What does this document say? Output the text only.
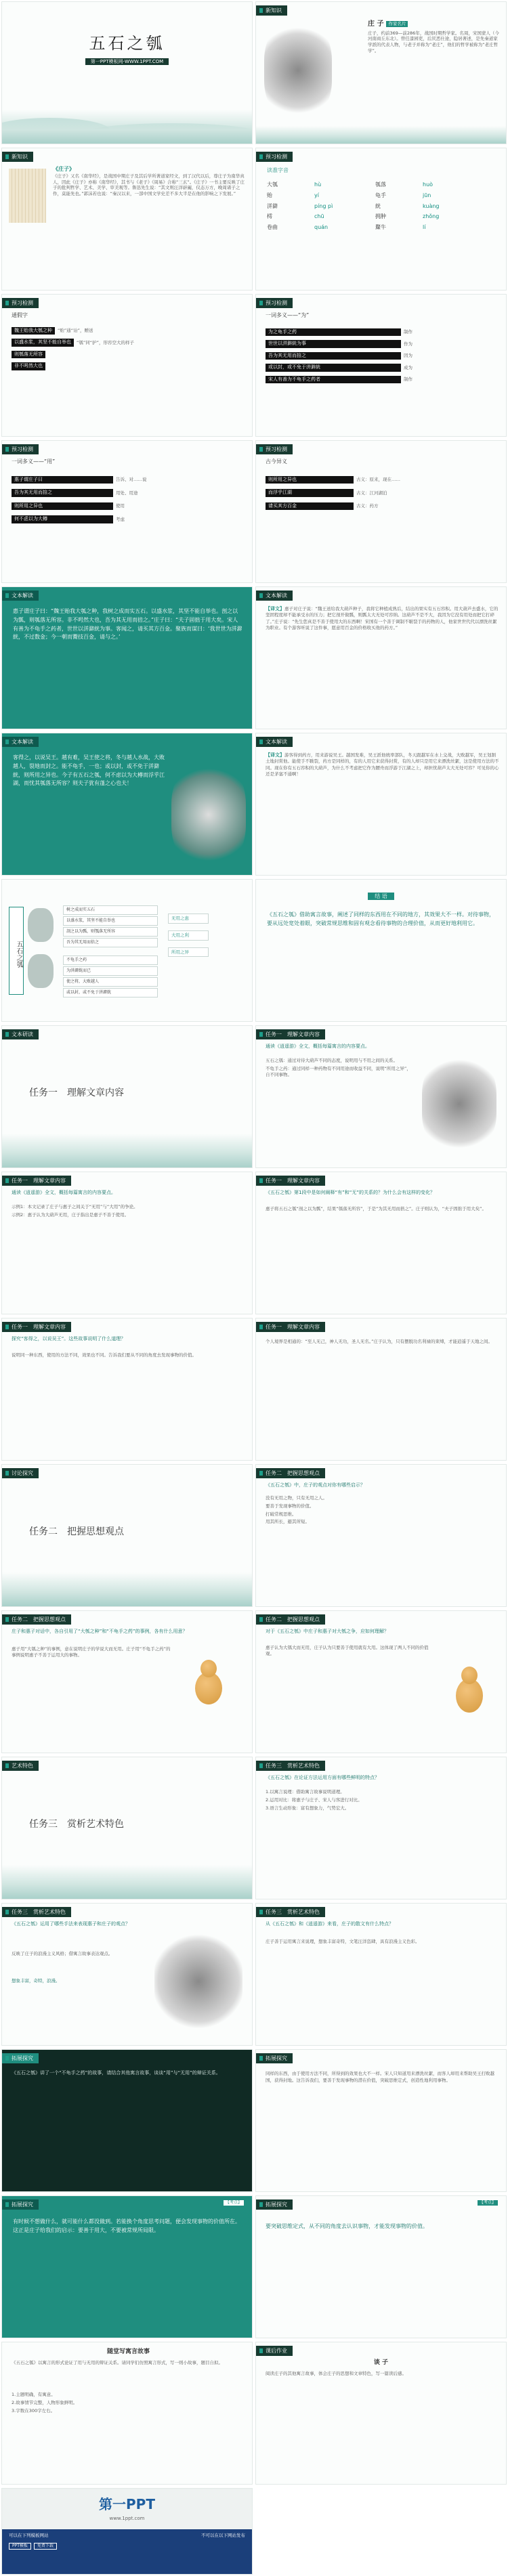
五石之瓠
第一PPT模板网-WWW.1PPT.COM
新知识
庄 子	作家名片
庄子，约前369—前286年，战国时期哲学家。名周，宋国蒙人（今河南商丘东北）。曾任漆园吏，后厌恶仕途，隐居著述，是先秦道家学派的代表人物，与老子并称为“老庄”，他们的哲学被称为“老庄哲学”。
新知识
《庄子》
《庄子》又名《南华经》，是战国中期庄子及其后学所著道家经文，到了汉代以后，尊庄子为南华真人，因此《庄子》亦称《南华经》，其书与《老子》《周易》合称“三玄”。《庄子》一书主要反映了庄子的批判哲学、艺术、美学、审美观等。鲁迅先生说：“其文则汪洋辟阖，仪态万方，晚周诸子之作，莫能先也。”郭沫若也说：“秦汉以来，一部中国文学史差不多大半是在他的影响之下发展。”
预习检测
读准字音
大瓠	hù	瓠落	huò
贻	yí	龟手	jūn
洴澼	píng pì	絖	kuàng
樗	chū	拥肿	zhǒng
卷曲	quán	斄牛	lí
预习检测
通假字
魏王贻我大瓠之种	“贻”通“诒”，赠送
以盛水浆，其坚不能自举也	“瓠”同“护”，形容空大的样子
则瓠落无所容
非不呺然大也
预习检测
一词多义——“为”
为之龟手之药	制作
世世以洴澼絖为事	作为
吾为其无用而掊之	因为
或以封，或不免于洴澼絖	成为
宋人有善为不龟手之药者	制作
预习检测
一词多义——“用”
惠子谓庄子曰	告诉、对……说
吾为其无用而掊之	用处、用途
则所用之异也	使用
何不虑以为大樽	考虑
预习检测
古今异义
则所用之异也	古义：原来，现在……
而浮乎江湖	古义：江河湖泊
请买其方百金	古义：药方
文本解读
惠子谓庄子曰：“魏王贻我大瓠之种，我树之成而实五石。以盛水浆，其坚不能自举也。剖之以为瓢，则瓠落无所容。非不呺然大也，吾为其无用而掊之。”庄子曰：“夫子固拙于用大矣。宋人有善为不龟手之药者，世世以洴澼絖为事。客闻之，请买其方百金。聚族而谋曰：‘我世世为洴澼絖，不过数金；今一朝而鬻技百金，请与之。’
文本解读
【译文】惠子对庄子说：“魏王送给我大葫芦种子，我将它种植成熟后，结出的果实有五石容积。用大葫芦去盛水，它的坚固程度却不能承受水的压力；把它剖开做瓢，则瓢太大无处可容纳。这葫芦不是不大，我因为它没有用处而把它打碎了。”庄子说：“先生您真是不善于使用大的东西啊！宋国有一个善于调制不皲裂手的药物的人，他家世世代代以漂洗丝絮为职业。有个游客听说了这件事，愿意用百金的价格收买他的药方。”
文本解读
客得之，以说吴王。越有难，吴王使之将，冬与越人水战，大败越人，裂地而封之。能不龟手，一也；或以封，或不免于洴澼絖，则所用之异也。今子有五石之瓠，何不虑以为大樽而浮乎江湖，而忧其瓠落无所容？则夫子犹有蓬之心也夫！
文本解读
【译文】游客得到药方，用来游说吴王。越国发难，吴王派他统率部队，冬天跟越军在水上交战，大败越军，吴王划割土地封赏他。能使手不皲裂，药方是同样的，有的人用它来获得封赏，有的人却只是用它来漂洗丝絮，这是使用方法的不同。现在你有五石容积的大葫芦，为什么不考虑把它作为腰舟而浮游于江湖之上，却担忧葫芦太大无处可容？可见你的心还是茅塞不通啊！
五石之瓠
树之成而实五石
以盛水浆，其坚不能自举也
剖之以为瓢，则瓠落无所容
吾为其无用而掊之
不龟手之药
为洴澼絖而已
使之将，大败越人
或以封，或不免于洴澼絖
无用之患
大用之利
所用之异
结 语
《五石之瓠》借助寓言故事，阐述了同样的东西用在不同的地方，其效果大不一样。对待事物，要从远处宽处着眼，突破常规思维和固有观念看待事物的合理价值，从而更好地利用它。
文本研读
任务一　理解文章内容
任务一　理解文章内容
通读《逍遥游》全文，概括每篇寓言的内容要点。
五石之瓠：通过对待大葫芦不同的态度，说明用与不用之间的关系。
不龟手之药：通过同样一种药物有不同用途而收益不同，说明“所用之异”，自不同事物。
任务一　理解文章内容
通读《逍遥游》全文，概括每篇寓言的内容要点。
示例1：本文记录了庄子与惠子之间关于“无用”与“大用”的争论。
示例2：惠子认为大葫芦无用，庄子指出是惠子不善于使用。
任务一　理解文章内容
《五石之瓠》第1段中是如何阐释“有”和“无”的关系的？为什么会有这样的变化？
惠子将五石之瓠“剖之以为瓢”，结果“瓠落无所容”，于是“为其无用而掊之”。庄子则认为，“夫子固拙于用大矣”。
任务一　理解文章内容
探究“客得之，以说吴王”。这些故事说明了什么道理？
说明同一种东西，使用的方法不同，效果也不同。告诉我们要从不同的角度去发现事物的价值。
任务一　理解文章内容
个人境界是相通的：“至人无己，神人无功，圣人无名。”庄子认为，只有摆脱功名利禄的束缚，才能逍遥于天地之间。
讨论探究
任务二　把握思想观点
任务二　把握思想观点
《五石之瓠》中，庄子的观点对你有哪些启示？
没有无用之物，只有无用之人。
要善于发现事物的价值。
打破常规思维。
用其所长，避其所短。
任务二　把握思想观点
庄子和惠子对话中，各自引用了“大瓠之种”和“不龟手之药”的事例，各有什么用意？
惠子用“大瓠之种”的事例，意在说明庄子的学说大而无用。庄子用“不龟手之药”的事例说明惠子不善于运用大的事物。
任务二　把握思想观点
对于《五石之瓠》中庄子和惠子对大瓠之争，应如何理解？
惠子认为大瓠大而无用，庄子认为只要善于使用就有大用。这体现了两人不同的价值观。
艺术特色
任务三　赏析艺术特色
任务三　赏析艺术特色
《五石之瓠》在论证方法运用方面有哪些鲜明的特点？
1.以寓言说理：借助寓言故事说明道理。
2.运用对比：将惠子与庄子、宋人与客进行对比。
3.语言生动形象：富有想象力，气势宏大。
任务三　赏析艺术特色
《五石之瓠》运用了哪些手法来表现惠子和庄子的观点？
反映了庄子的浪漫主义风格；借寓言故事表达观点。
想象丰富，奇特，浪漫。
任务三　赏析艺术特色
从《五石之瓠》和《逍遥游》来看，庄子的散文有什么特点？
庄子善于运用寓言来说理，想象丰富奇特，文笔汪洋恣肆，具有浪漫主义色彩。
拓展探究
《五石之瓠》讲了一个“不龟手之药”的故事，请结合其他寓言故事，谈谈“用”与“无用”的辩证关系。
拓展探究
同样的东西，由于使用方法不同，所得到的效果也大不一样。宋人只知道用来漂洗丝絮，而客人却用来帮助吴王打败越国，获得封地。这告诉我们，要善于发现事物的潜在价值，突破思维定式，创造性地利用事物。
拓展探究	【考点】
有时候不想做什么，就可能什么都没做到。若能换个角度思考问题，便会发现事物的价值所在。这正是庄子给我们的启示：要善于用大，不要被常规所局限。
拓展探究	【考点】
要突破思维定式，从不同的角度去认识事物，才能发现事物的价值。
随堂写寓言故事
《五石之瓠》以寓言的形式论证了用与无用的辩证关系。请同学们仿照寓言形式，写一则小故事，题目自拟。
1.主题明确，有寓意。
2.故事情节完整，人物形象鲜明。
3.字数在300字左右。
课后作业
谈 子
阅读庄子的其他寓言故事，体会庄子的思想和文章特色，写一篇读后感。
第一PPT
www.1ppt.com
可以在下列模板网站	不可以在以下网站发布
PPT模板	免费下载
